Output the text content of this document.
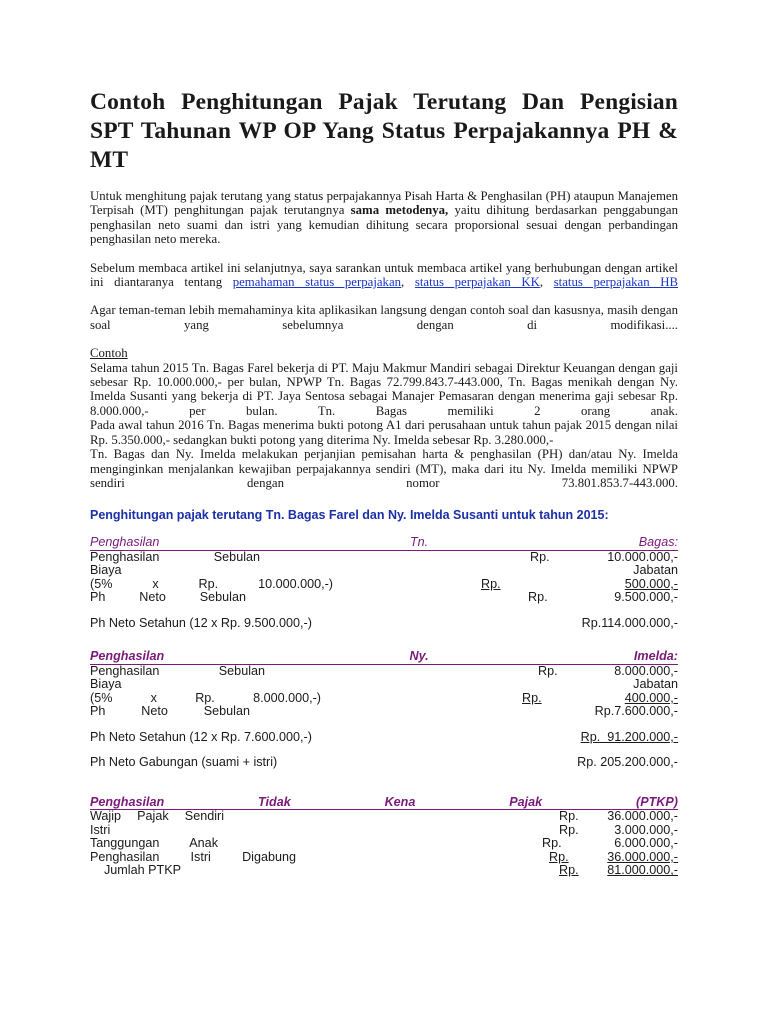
Contoh Penghitungan Pajak Terutang Dan Pengisian SPT Tahunan WP OP Yang Status Perpajakannya PH & MT

Untuk menghitung pajak terutang yang status perpajakannya Pisah Harta & Penghasilan (PH) ataupun Manajemen Terpisah (MT) penghitungan pajak terutangnya sama metodenya, yaitu dihitung berdasarkan penggabungan penghasilan neto suami dan istri yang kemudian dihitung secara proporsional sesuai dengan perbandingan penghasilan neto mereka.

Sebelum membaca artikel ini selanjutnya, saya sarankan untuk membaca artikel yang berhubungan dengan artikel ini diantaranya tentang pemahaman status perpajakan, status perpajakan KK, status perpajakan HB

Agar teman-teman lebih memahaminya kita aplikasikan langsung dengan contoh soal dan kasusnya, masih dengan soal yang sebelumnya dengan di modifikasi....

Contoh

Selama tahun 2015 Tn. Bagas Farel bekerja di PT. Maju Makmur Mandiri sebagai Direktur Keuangan dengan gaji sebesar Rp. 10.000.000,- per bulan, NPWP Tn. Bagas 72.799.843.7-443.000, Tn. Bagas menikah dengan Ny. Imelda Susanti yang bekerja di PT. Jaya Sentosa sebagai Manajer Pemasaran dengan menerima gaji sebesar Rp. 8.000.000,- per bulan. Tn. Bagas memiliki 2 orang anak.

Pada awal tahun 2016 Tn. Bagas menerima bukti potong A1 dari perusahaan untuk tahun pajak 2015 dengan nilai Rp. 5.350.000,- sedangkan bukti potong yang diterima Ny. Imelda sebesar Rp. 3.280.000,-

Tn. Bagas dan Ny. Imelda melakukan perjanjian pemisahan harta & penghasilan (PH) dan/atau Ny. Imelda menginginkan menjalankan kewajiban perpajakannya sendiri (MT), maka dari itu Ny. Imelda memiliki NPWP sendiri dengan nomor 73.801.853.7-443.000.

Penghitungan pajak terutang Tn. Bagas Farel dan Ny. Imelda Susanti untuk tahun 2015:
Penghasilan	Tn.	Bagas:
Penghasilan	Sebulan	Rp.	10.000.000,-
Biaya	Jabatan
(5%	x	Rp.	10.000.000,-)	Rp.	500.000,-
Ph	Neto	Sebulan	Rp.	9.500.000,-
Ph Neto Setahun (12 x Rp. 9.500.000,-)	Rp.114.000.000,-
Penghasilan	Ny.	Imelda:
Penghasilan	Sebulan	Rp.	8.000.000,-
Biaya	Jabatan
(5%	x	Rp.	8.000.000,-)	Rp.	400.000,-
Ph	Neto	Sebulan	Rp.7.600.000,-
Ph Neto Setahun (12 x Rp. 7.600.000,-)	Rp.  91.200.000,-
Ph Neto Gabungan (suami + istri)	Rp. 205.200.000,-
Penghasilan	Tidak	Kena	Pajak	(PTKP)
Wajip Pajak Sendiri	Rp. 36.000.000,-
Istri	Rp.	3.000.000,-
Tanggungan Anak	Rp.	6.000.000,-
Penghasilan Istri Digabung	Rp.	36.000.000,-
Jumlah PTKP	Rp. 81.000.000,-
